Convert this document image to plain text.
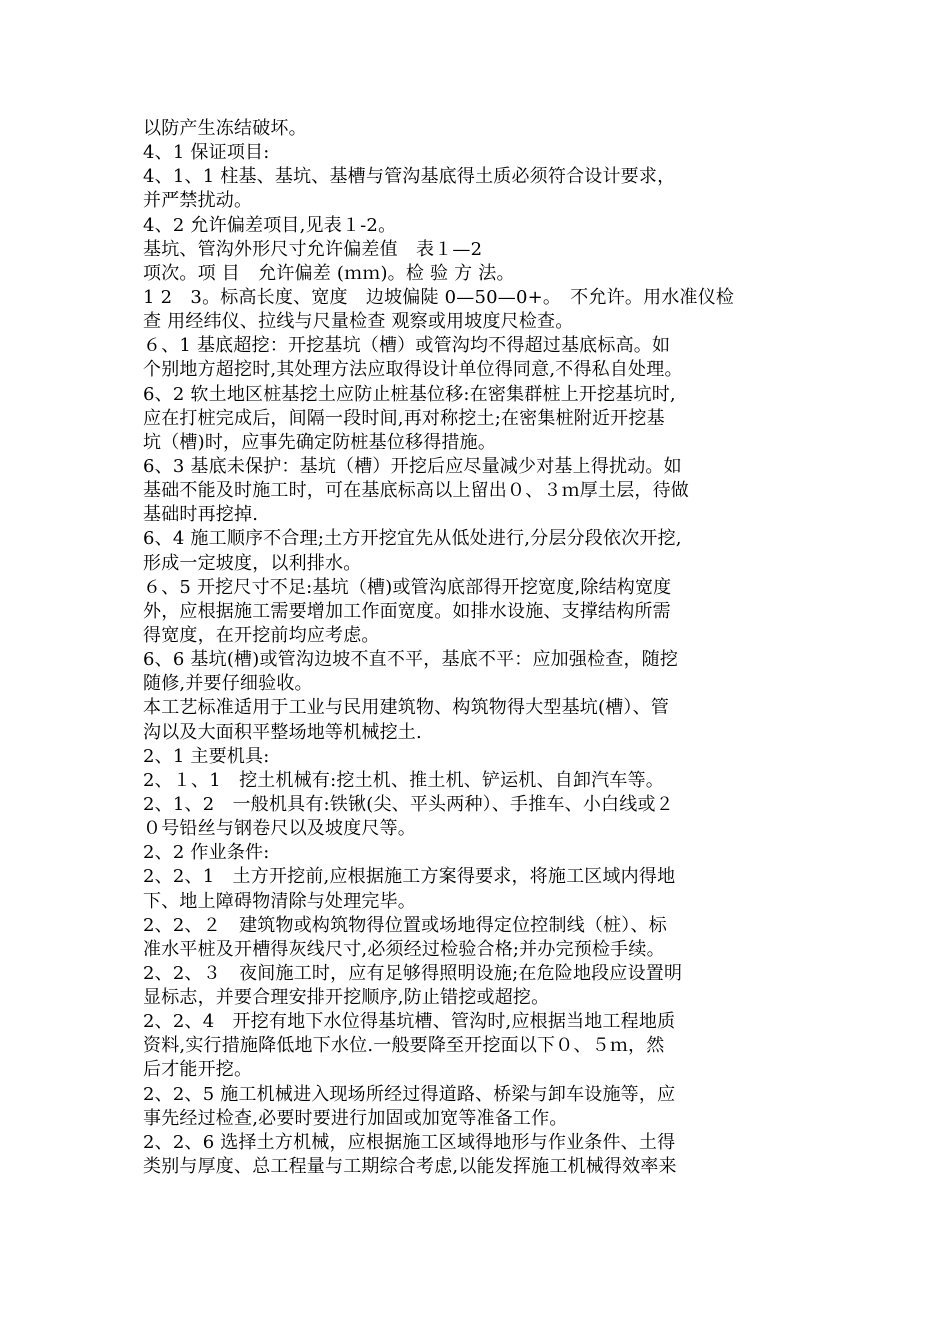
以防产生冻结破坏。
4、1 保证项目:
4、1、1 柱基、基坑、基槽与管沟基底得土质必须符合设计要求，
并严禁扰动。
4、2 允许偏差项目,见表１-2。
基坑、管沟外形尺寸允许偏差值　表１—2
项次。项 目　允许偏差 (ｍｍ)。检 验 方 法。
1 2　3。标高长度、宽度　边坡偏陡 0—50—0+。　不允许。用水准仪检
查 用经纬仪、拉线与尺量检查 观察或用坡度尺检查。
６、1 基底超挖：开挖基坑（槽）或管沟均不得超过基底标高。如
个别地方超挖时,其处理方法应取得设计单位得同意,不得私自处理。
6、2 软土地区桩基挖土应防止桩基位移:在密集群桩上开挖基坑时,
应在打桩完成后，间隔一段时间,再对称挖土;在密集桩附近开挖基
坑（槽)时，应事先确定防桩基位移得措施。
6、3 基底未保护：基坑（槽）开挖后应尽量减少对基上得扰动。如
基础不能及时施工时，可在基底标高以上留出０、３ｍ厚土层，待做
基础时再挖掉.
6、4 施工顺序不合理;土方开挖宜先从低处进行,分层分段依次开挖,
形成一定坡度，以利排水。
６、5 开挖尺寸不足:基坑（槽)或管沟底部得开挖宽度,除结构宽度
外，应根据施工需要增加工作面宽度。如排水设施、支撑结构所需
得宽度，在开挖前均应考虑。
6、6 基坑(槽)或管沟边坡不直不平，基底不平：应加强检查，随挖
随修,并要仔细验收。
本工艺标准适用于工业与民用建筑物、构筑物得大型基坑(槽）、管
沟以及大面积平整场地等机械挖土.
2、1 主要机具:
2、１、1　挖土机械有:挖土机、推土机、铲运机、自卸汽车等。
2、1、2　一般机具有:铁锹(尖、平头两种）、手推车、小白线或２
０号铅丝与钢卷尺以及坡度尺等。
2、2 作业条件:
2、2、1　土方开挖前,应根据施工方案得要求，将施工区域内得地
下、地上障碍物清除与处理完毕。
2、2、２　建筑物或构筑物得位置或场地得定位控制线（桩）、标
准水平桩及开槽得灰线尺寸,必须经过检验合格;并办完预检手续。
2、2、３　夜间施工时，应有足够得照明设施;在危险地段应设置明
显标志，并要合理安排开挖顺序,防止错挖或超挖。
2、2、4　开挖有地下水位得基坑槽、管沟时,应根据当地工程地质
资料,实行措施降低地下水位.一般要降至开挖面以下０、５ｍ，然
后才能开挖。
2、2、5 施工机械进入现场所经过得道路、桥梁与卸车设施等，应
事先经过检查,必要时要进行加固或加宽等准备工作。
2、2、6 选择土方机械，应根据施工区域得地形与作业条件、土得
类别与厚度、总工程量与工期综合考虑,以能发挥施工机械得效率来
